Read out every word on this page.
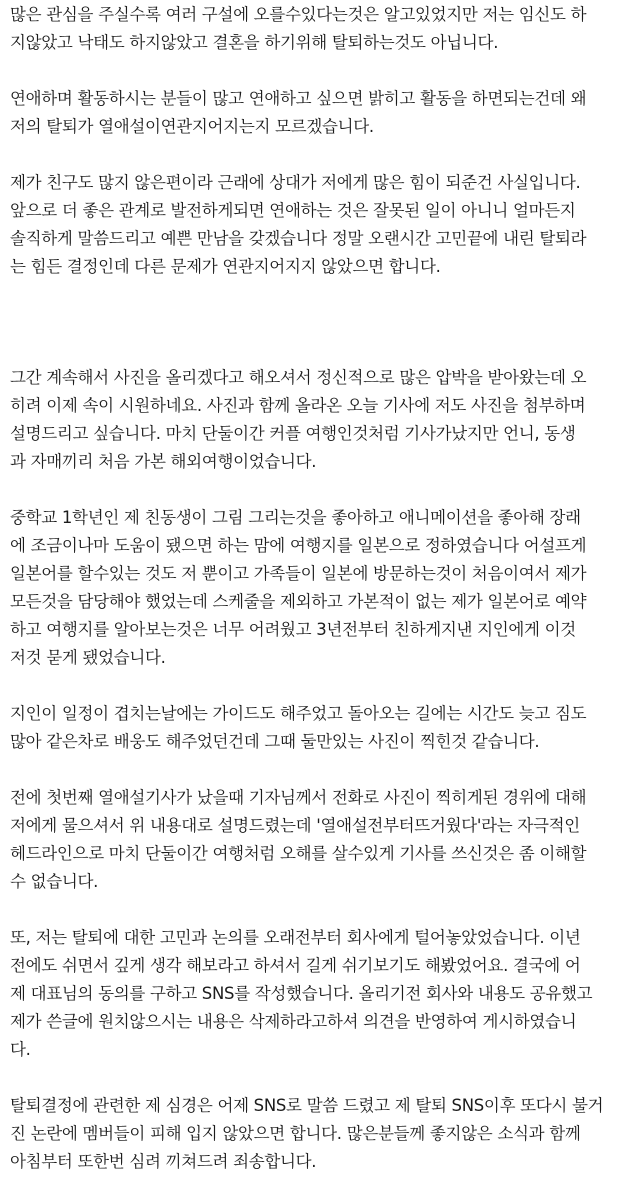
많은 관심을 주실수록 여러 구설에 오를수있다는것은 알고있었지만 저는 임신도 하
지않았고 낙태도 하지않았고 결혼을 하기위해 탈퇴하는것도 아닙니다.

연애하며 활동하시는 분들이 많고 연애하고 싶으면 밝히고 활동을 하면되는건데 왜
저의 탈퇴가 열애설이연관지어지는지 모르겠습니다.

제가 친구도 많지 않은편이라 근래에 상대가 저에게 많은 힘이 되준건 사실입니다.
앞으로 더 좋은 관계로 발전하게되면 연애하는 것은 잘못된 일이 아니니 얼마든지
솔직하게 말씀드리고 예쁜 만남을 갖겠습니다 정말 오랜시간 고민끝에 내린 탈퇴라
는 힘든 결정인데 다른 문제가 연관지어지지 않았으면 합니다.

그간 계속해서 사진을 올리겠다고 해오셔서 정신적으로 많은 압박을 받아왔는데 오
히려 이제 속이 시원하네요. 사진과 함께 올라온 오늘 기사에 저도 사진을 첨부하며
설명드리고 싶습니다. 마치 단둘이간 커플 여행인것처럼 기사가났지만 언니, 동생
과 자매끼리 처음 가본 해외여행이었습니다.

중학교 1학년인 제 친동생이 그림 그리는것을 좋아하고 애니메이션을 좋아해 장래
에 조금이나마 도움이 됐으면 하는 맘에 여행지를 일본으로 정하였습니다 어설프게
일본어를 할수있는 것도 저 뿐이고 가족들이 일본에 방문하는것이 처음이여서 제가
모든것을 담당해야 했었는데 스케줄을 제외하고 가본적이 없는 제가 일본어로 예약
하고 여행지를 알아보는것은 너무 어려웠고 3년전부터 친하게지낸 지인에게 이것
저것 묻게 됐었습니다.

지인이 일정이 겹치는날에는 가이드도 해주었고 돌아오는 길에는 시간도 늦고 짐도
많아 같은차로 배웅도 해주었던건데 그때 둘만있는 사진이 찍힌것 같습니다.

전에 첫번째 열애설기사가 났을때 기자님께서 전화로 사진이 찍히게된 경위에 대해
저에게 물으셔서 위 내용대로 설명드렸는데 '열애설전부터뜨거웠다'라는 자극적인
헤드라인으로 마치 단둘이간 여행처럼 오해를 살수있게 기사를 쓰신것은 좀 이해할
수 없습니다.

또, 저는 탈퇴에 대한 고민과 논의를 오래전부터 회사에게 털어놓았었습니다. 이년
전에도 쉬면서 깊게 생각 해보라고 하셔서 길게 쉬기보기도 해봤었어요. 결국에 어
제 대표님의 동의를 구하고 SNS를 작성했습니다. 올리기전 회사와 내용도 공유했고
제가 쓴글에 원치않으시는 내용은 삭제하라고하셔 의견을 반영하여 게시하였습니
다.

탈퇴결정에 관련한 제 심경은 어제 SNS로 말씀 드렸고 제 탈퇴 SNS이후 또다시 불거
진 논란에 멤버들이 피해 입지 않았으면 합니다. 많은분들께 좋지않은 소식과 함께
아침부터 또한번 심려 끼쳐드려 죄송합니다.
